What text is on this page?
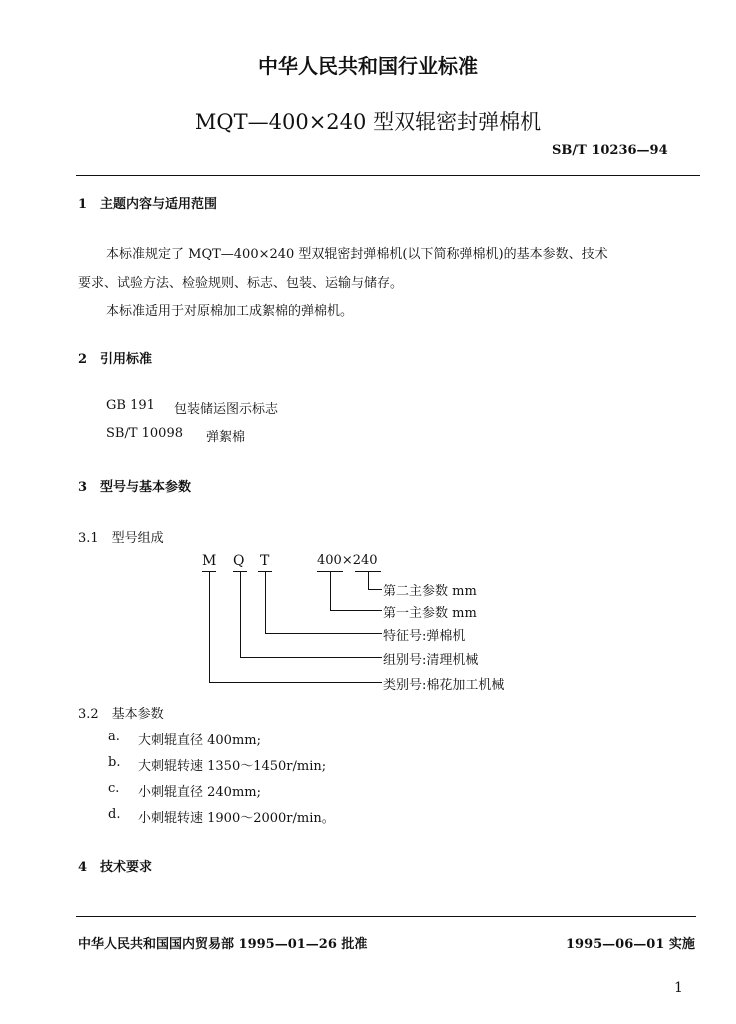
中华人民共和国行业标准
MQT—400×240 型双辊密封弹棉机
SB/T 10236—94
1　主题内容与适用范围
本标准规定了 MQT—400×240 型双辊密封弹棉机(以下简称弹棉机)的基本参数、技术
要求、试验方法、检验规则、标志、包装、运输与储存。
本标准适用于对原棉加工成絮棉的弹棉机。
2　引用标准
GB 191 包装储运图示标志
SB/T 10098 弹絮棉
3　型号与基本参数
3.1　型号组成
M Q T	400×240
第二主参数 mm
第一主参数 mm
特征号:弹棉机
组别号:清理机械
类别号:棉花加工机械
3.2　基本参数
a. 大刺辊直径 400mm;
b. 大刺辊转速 1350～1450r/min;
c. 小刺辊直径 240mm;
d. 小刺辊转速 1900～2000r/min。
4　技术要求
中华人民共和国国内贸易部 1995—01—26 批准	1995—06—01 实施
1
